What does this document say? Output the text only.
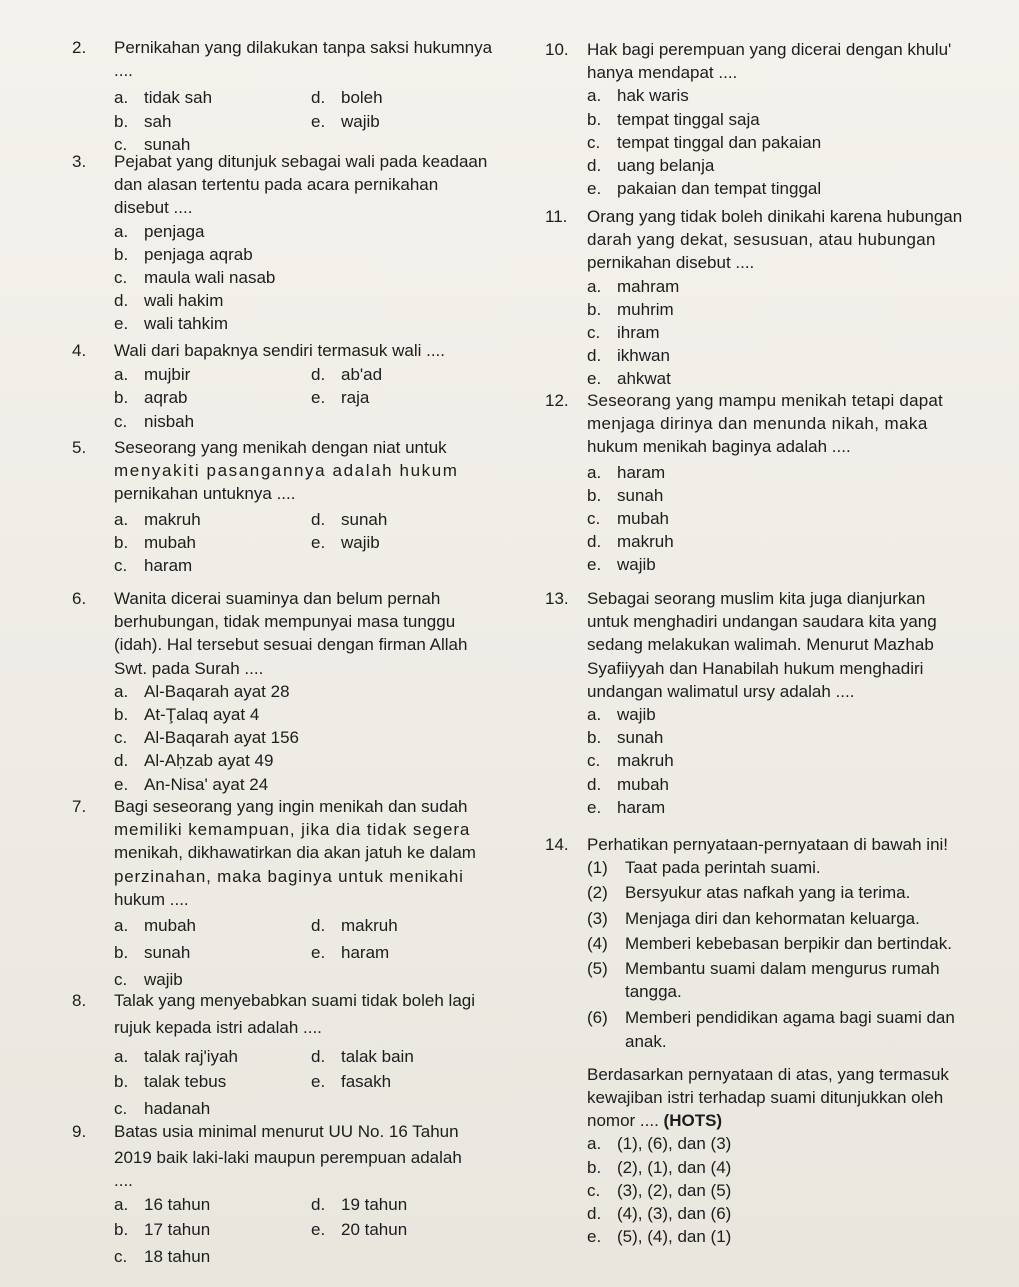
2.	Pernikahan yang dilakukan tanpa saksi hukumnya
....
a. tidak sah	d. boleh
b. sah	e. wajib
c. sunah
3.	Pejabat yang ditunjuk sebagai wali pada keadaan
dan alasan tertentu pada acara pernikahan
disebut ....
a. penjaga
b. penjaga aqrab
c. maula wali nasab
d. wali hakim
e. wali tahkim
4.	Wali dari bapaknya sendiri termasuk wali ....
a. mujbir	d. ab'ad
b. aqrab	e. raja
c. nisbah
5.	Seseorang yang menikah dengan niat untuk
menyakiti pasangannya adalah hukum
pernikahan untuknya ....
a. makruh	d. sunah
b. mubah	e. wajib
c. haram
6.	Wanita dicerai suaminya dan belum pernah
berhubungan, tidak mempunyai masa tunggu
(idah). Hal tersebut sesuai dengan firman Allah
Swt. pada Surah ....
a. Al-Baqarah ayat 28
b. At-Ţalaq ayat 4
c. Al-Baqarah ayat 156
d. Al-Aḥzab ayat 49
e. An-Nisa' ayat 24
7.	Bagi seseorang yang ingin menikah dan sudah
memiliki kemampuan, jika dia tidak segera
menikah, dikhawatirkan dia akan jatuh ke dalam
perzinahan, maka baginya untuk menikahi
hukum ....
a. mubah	d. makruh
b. sunah	e. haram
c. wajib
8.	Talak yang menyebabkan suami tidak boleh lagi
rujuk kepada istri adalah ....
a. talak raj'iyah	d. talak bain
b. talak tebus	e. fasakh
c. hadanah
9.	Batas usia minimal menurut UU No. 16 Tahun
2019 baik laki-laki maupun perempuan adalah
....
a. 16 tahun	d. 19 tahun
b. 17 tahun	e. 20 tahun
c. 18 tahun
10. Hak bagi perempuan yang dicerai dengan khulu'
hanya mendapat ....
a. hak waris
b. tempat tinggal saja
c. tempat tinggal dan pakaian
d. uang belanja
e. pakaian dan tempat tinggal
11. Orang yang tidak boleh dinikahi karena hubungan
darah yang dekat, sesusuan, atau hubungan
pernikahan disebut ....
a. mahram
b. muhrim
c. ihram
d. ikhwan
e. ahkwat
12. Seseorang yang mampu menikah tetapi dapat
menjaga dirinya dan menunda nikah, maka
hukum menikah baginya adalah ....
a. haram
b. sunah
c. mubah
d. makruh
e. wajib
13. Sebagai seorang muslim kita juga dianjurkan
untuk menghadiri undangan saudara kita yang
sedang melakukan walimah. Menurut Mazhab
Syafiiyyah dan Hanabilah hukum menghadiri
undangan walimatul ursy adalah ....
a. wajib
b. sunah
c. makruh
d. mubah
e. haram
14. Perhatikan pernyataan-pernyataan di bawah ini!
(1) Taat pada perintah suami.
(2) Bersyukur atas nafkah yang ia terima.
(3) Menjaga diri dan kehormatan keluarga.
(4) Memberi kebebasan berpikir dan bertindak.
(5) Membantu suami dalam mengurus rumah
tangga.
(6) Memberi pendidikan agama bagi suami dan
anak.
Berdasarkan pernyataan di atas, yang termasuk
kewajiban istri terhadap suami ditunjukkan oleh
nomor .... (HOTS)
a. (1), (6), dan (3)
b. (2), (1), dan (4)
c. (3), (2), dan (5)
d. (4), (3), dan (6)
e. (5), (4), dan (1)
